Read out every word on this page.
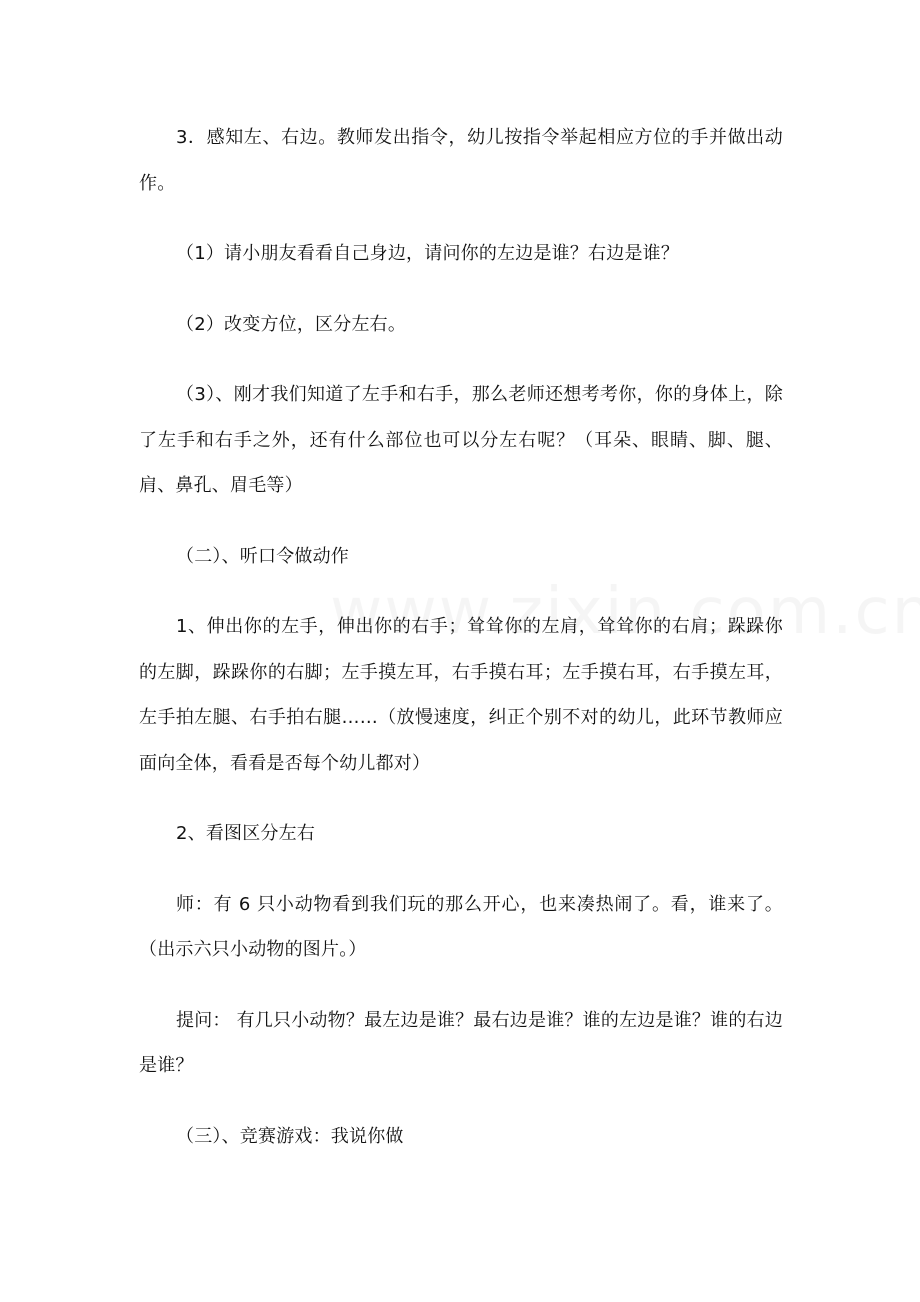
3．感知左、右边。教师发出指令，幼儿按指令举起相应方位的手并做出动作。

（1）请小朋友看看自己身边，请问你的左边是谁？右边是谁？

（2）改变方位，区分左右。

（3）、刚才我们知道了左手和右手，那么老师还想考考你，你的身体上，除了左手和右手之外，还有什么部位也可以分左右呢？（耳朵、眼睛、脚、腿、肩、鼻孔、眉毛等）

（二）、听口令做动作

1、伸出你的左手，伸出你的右手；耸耸你的左肩，耸耸你的右肩；跺跺你的左脚，跺跺你的右脚；左手摸左耳，右手摸右耳；左手摸右耳，右手摸左耳，左手拍左腿、右手拍右腿……（放慢速度，纠正个别不对的幼儿，此环节教师应面向全体，看看是否每个幼儿都对）

2、看图区分左右

师：有 6 只小动物看到我们玩的那么开心，也来凑热闹了。看，谁来了。（出示六只小动物的图片。）

提问： 有几只小动物？最左边是谁？最右边是谁？谁的左边是谁？谁的右边是谁？

（三）、竞赛游戏：我说你做
